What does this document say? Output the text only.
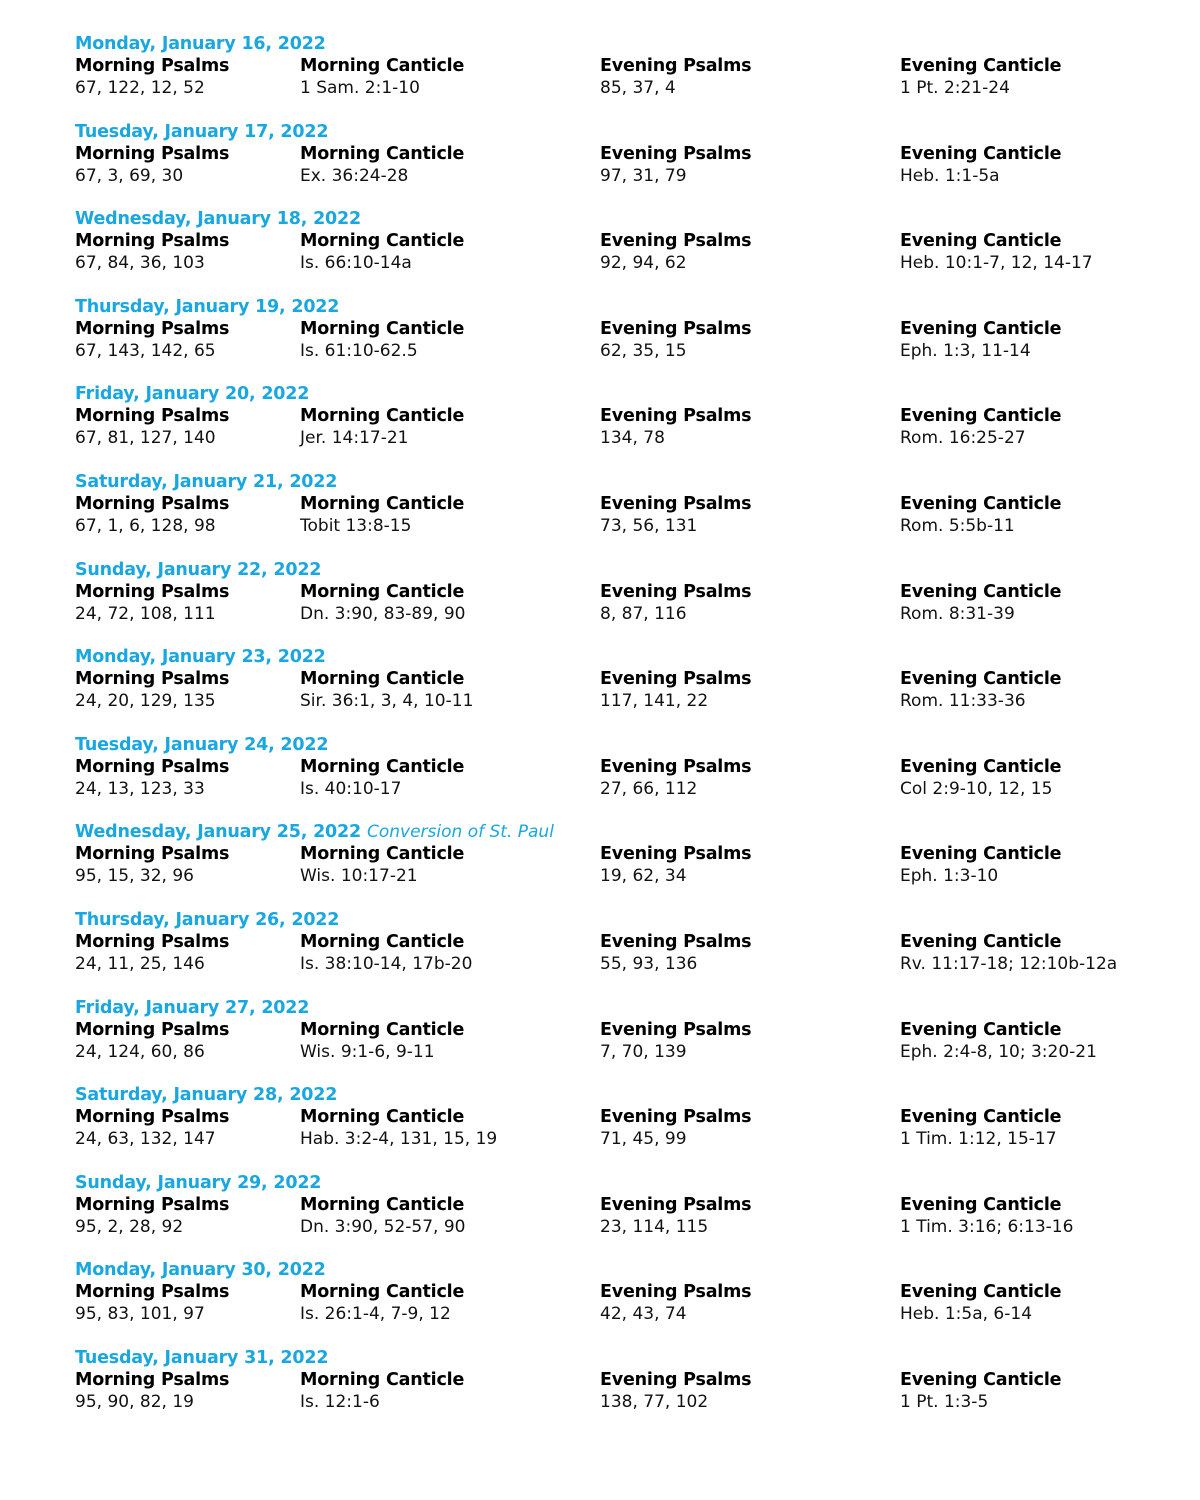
Monday, January 16, 2022
Morning Psalms	Morning Canticle	Evening Psalms	Evening Canticle
67, 122, 12, 52	1 Sam. 2:1-10	85, 37, 4	1 Pt. 2:21-24
Tuesday, January 17, 2022
Morning Psalms	Morning Canticle	Evening Psalms	Evening Canticle
67, 3, 69, 30	Ex. 36:24-28	97, 31, 79	Heb. 1:1-5a
Wednesday, January 18, 2022
Morning Psalms	Morning Canticle	Evening Psalms	Evening Canticle
67, 84, 36, 103	Is. 66:10-14a	92, 94, 62	Heb. 10:1-7, 12, 14-17
Thursday, January 19, 2022
Morning Psalms	Morning Canticle	Evening Psalms	Evening Canticle
67, 143, 142, 65	Is. 61:10-62.5	62, 35, 15	Eph. 1:3, 11-14
Friday, January 20, 2022
Morning Psalms	Morning Canticle	Evening Psalms	Evening Canticle
67, 81, 127, 140	Jer. 14:17-21	134, 78	Rom. 16:25-27
Saturday, January 21, 2022
Morning Psalms	Morning Canticle	Evening Psalms	Evening Canticle
67, 1, 6, 128, 98	Tobit 13:8-15	73, 56, 131	Rom. 5:5b-11
Sunday, January 22, 2022
Morning Psalms	Morning Canticle	Evening Psalms	Evening Canticle
24, 72, 108, 111	Dn. 3:90, 83-89, 90	8, 87, 116	Rom. 8:31-39
Monday, January 23, 2022
Morning Psalms	Morning Canticle	Evening Psalms	Evening Canticle
24, 20, 129, 135	Sir. 36:1, 3, 4, 10-11	117, 141, 22	Rom. 11:33-36
Tuesday, January 24, 2022
Morning Psalms	Morning Canticle	Evening Psalms	Evening Canticle
24, 13, 123, 33	Is. 40:10-17	27, 66, 112	Col 2:9-10, 12, 15
Wednesday, January 25, 2022 Conversion of St. Paul
Morning Psalms	Morning Canticle	Evening Psalms	Evening Canticle
95, 15, 32, 96	Wis. 10:17-21	19, 62, 34	Eph. 1:3-10
Thursday, January 26, 2022
Morning Psalms	Morning Canticle	Evening Psalms	Evening Canticle
24, 11, 25, 146	Is. 38:10-14, 17b-20	55, 93, 136	Rv. 11:17-18; 12:10b-12a
Friday, January 27, 2022
Morning Psalms	Morning Canticle	Evening Psalms	Evening Canticle
24, 124, 60, 86	Wis. 9:1-6, 9-11	7, 70, 139	Eph. 2:4-8, 10; 3:20-21
Saturday, January 28, 2022
Morning Psalms	Morning Canticle	Evening Psalms	Evening Canticle
24, 63, 132, 147	Hab. 3:2-4, 131, 15, 19	71, 45, 99	1 Tim. 1:12, 15-17
Sunday, January 29, 2022
Morning Psalms	Morning Canticle	Evening Psalms	Evening Canticle
95, 2, 28, 92	Dn. 3:90, 52-57, 90	23, 114, 115	1 Tim. 3:16; 6:13-16
Monday, January 30, 2022
Morning Psalms	Morning Canticle	Evening Psalms	Evening Canticle
95, 83, 101, 97	Is. 26:1-4, 7-9, 12	42, 43, 74	Heb. 1:5a, 6-14
Tuesday, January 31, 2022
Morning Psalms	Morning Canticle	Evening Psalms	Evening Canticle
95, 90, 82, 19	Is. 12:1-6	138, 77, 102	1 Pt. 1:3-5
